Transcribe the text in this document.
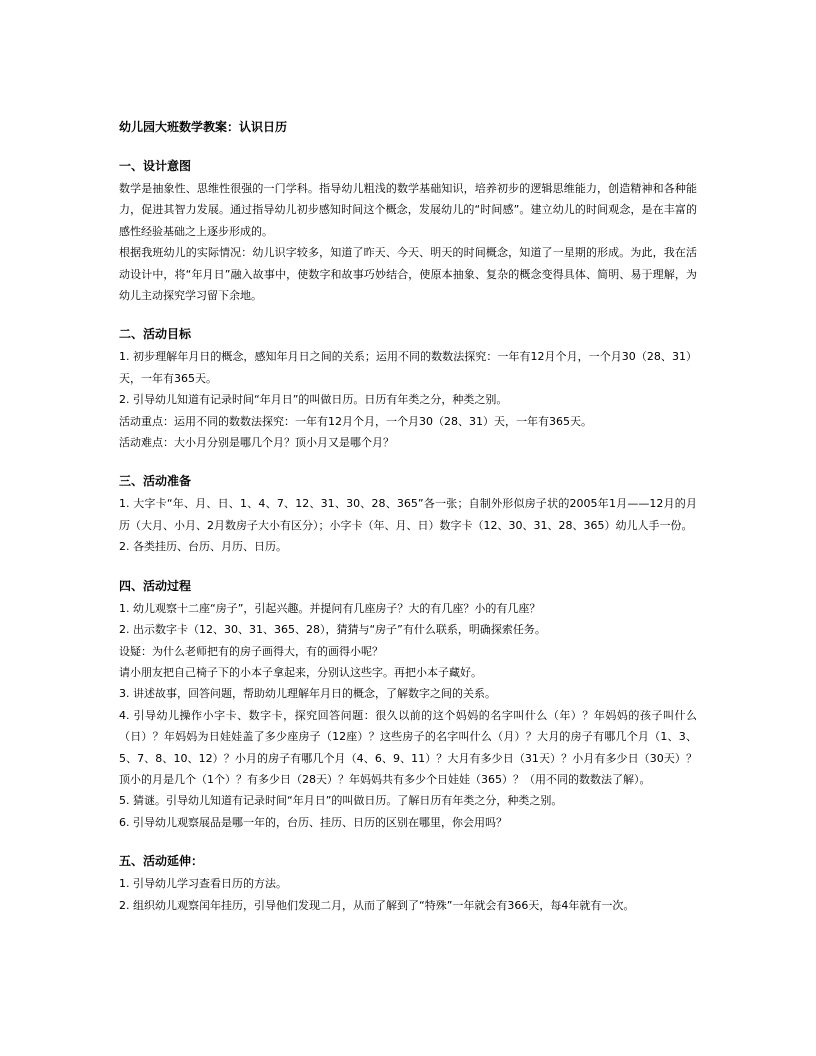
幼儿园大班数学教案：认识日历
一、设计意图

数学是抽象性、思维性很强的一门学科。指导幼儿粗浅的数学基础知识，培养初步的逻辑思维能力，创造精神和各种能力，促进其智力发展。通过指导幼儿初步感知时间这个概念，发展幼儿的“时间感”。建立幼儿的时间观念，是在丰富的感性经验基础之上逐步形成的。

根据我班幼儿的实际情况：幼儿识字较多，知道了昨天、今天、明天的时间概念，知道了一星期的形成。为此，我在活动设计中，将“年月日”融入故事中，使数字和故事巧妙结合，使原本抽象、复杂的概念变得具体、简明、易于理解，为幼儿主动探究学习留下余地。

二、活动目标

1. 初步理解年月日的概念，感知年月日之间的关系；运用不同的数数法探究：一年有12月个月，一个月30（28、31）天，一年有365天。

2. 引导幼儿知道有记录时间“年月日”的叫做日历。日历有年类之分，种类之别。

活动重点：运用不同的数数法探究：一年有12月个月，一个月30（28、31）天，一年有365天。

活动难点：大小月分别是哪几个月？顶小月又是哪个月？

三、活动准备

1. 大字卡“年、月、日、1、4、7、12、31、30、28、365”各一张；自制外形似房子状的2005年1月——12月的月历（大月、小月、2月数房子大小有区分）；小字卡（年、月、日）数字卡（12、30、31、28、365）幼儿人手一份。

2. 各类挂历、台历、月历、日历。

四、活动过程

1. 幼儿观察十二座“房子”，引起兴趣。并提问有几座房子？大的有几座？小的有几座？

2. 出示数字卡（12、30、31、365、28），猜猜与“房子”有什么联系，明确探索任务。

设疑：为什么老师把有的房子画得大，有的画得小呢？

请小朋友把自己椅子下的小本子拿起来，分别认这些字。再把小本子藏好。

3. 讲述故事，回答问题，帮助幼儿理解年月日的概念，了解数字之间的关系。

4. 引导幼儿操作小字卡、数字卡，探究回答问题：很久以前的这个妈妈的名字叫什么（年）？年妈妈的孩子叫什么（日）？年妈妈为日娃娃盖了多少座房子（12座）？这些房子的名字叫什么（月）？大月的房子有哪几个月（1、3、5、7、8、10、12）？小月的房子有哪几个月（4、6、9、11）？大月有多少日（31天）？小月有多少日（30天）？顶小的月是几个（1个）？有多少日（28天）？年妈妈共有多少个日娃娃（365）？（用不同的数数法了解）。

5. 猜谜。引导幼儿知道有记录时间“年月日”的叫做日历。了解日历有年类之分，种类之别。

6. 引导幼儿观察展品是哪一年的，台历、挂历、日历的区别在哪里，你会用吗？

五、活动延伸：

1. 引导幼儿学习查看日历的方法。

2. 组织幼儿观察闰年挂历，引导他们发现二月，从而了解到了“特殊”一年就会有366天，每4年就有一次。
